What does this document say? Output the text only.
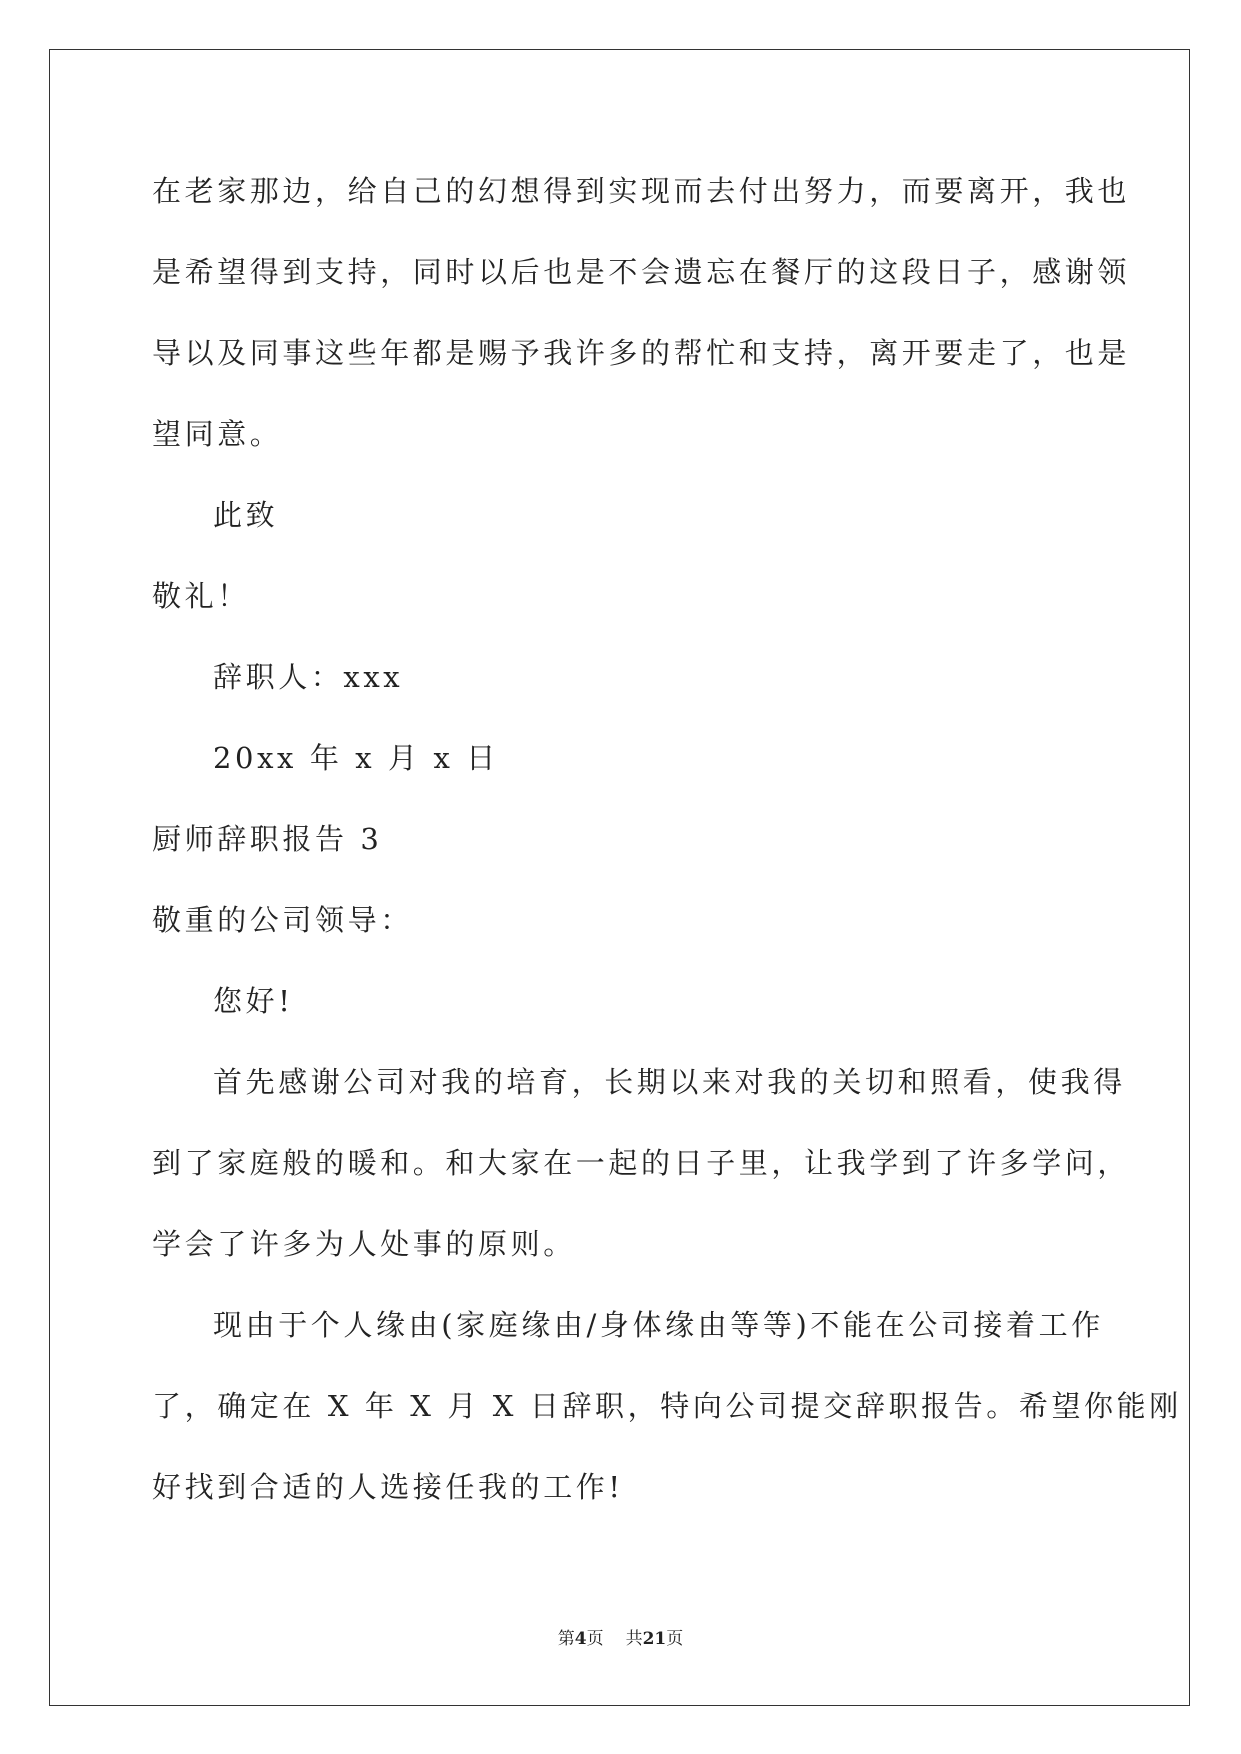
在老家那边，给自己的幻想得到实现而去付出努力，而要离开，我也
是希望得到支持，同时以后也是不会遗忘在餐厅的这段日子，感谢领
导以及同事这些年都是赐予我许多的帮忙和支持，离开要走了，也是
望同意。
此致
敬礼！
辞职人：xxx
20xx 年 x 月 x 日
厨师辞职报告 3
敬重的公司领导：
您好!
首先感谢公司对我的培育，长期以来对我的关切和照看，使我得
到了家庭般的暖和。和大家在一起的日子里，让我学到了许多学问，
学会了许多为人处事的原则。
现由于个人缘由(家庭缘由/身体缘由等等)不能在公司接着工作
了，确定在 X 年 X 月 X 日辞职，特向公司提交辞职报告。希望你能刚
好找到合适的人选接任我的工作!
第4页 共21页
